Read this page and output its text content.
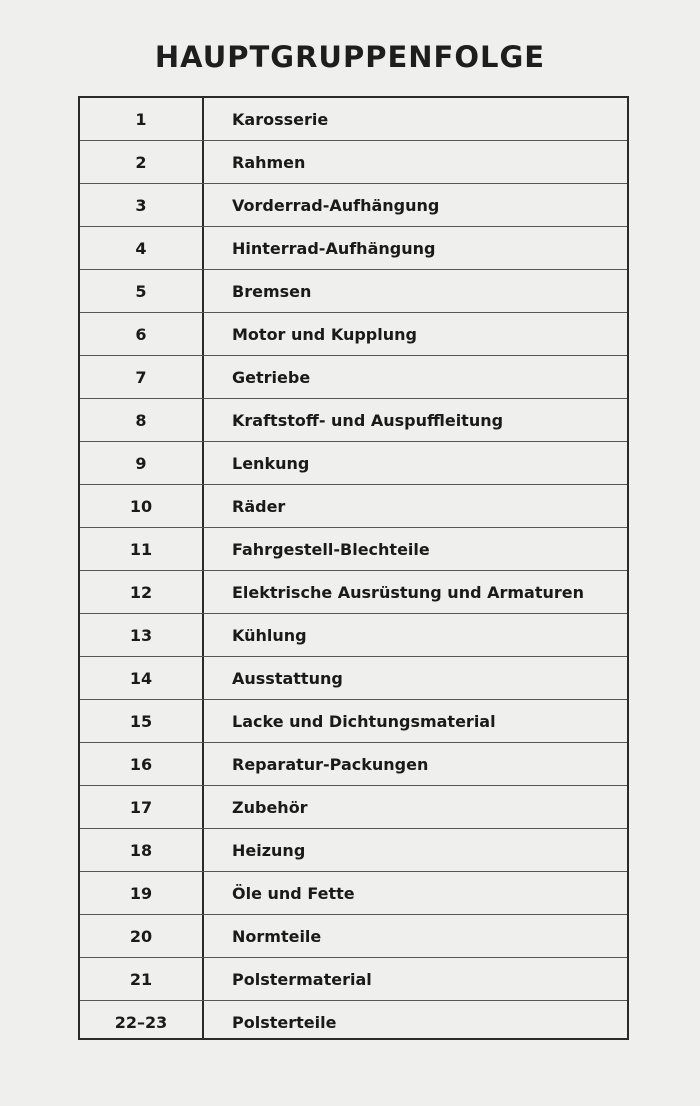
HAUPTGRUPPENFOLGE
1	Karosserie
2	Rahmen
3	Vorderrad-Aufhängung
4	Hinterrad-Aufhängung
5	Bremsen
6	Motor und Kupplung
7	Getriebe
8	Kraftstoff- und Auspuffleitung
9	Lenkung
10	Räder
11	Fahrgestell-Blechteile
12	Elektrische Ausrüstung und Armaturen
13	Kühlung
14	Ausstattung
15	Lacke und Dichtungsmaterial
16	Reparatur-Packungen
17	Zubehör
18	Heizung
19	Öle und Fette
20	Normteile
21	Polstermaterial
22–23	Polsterteile
